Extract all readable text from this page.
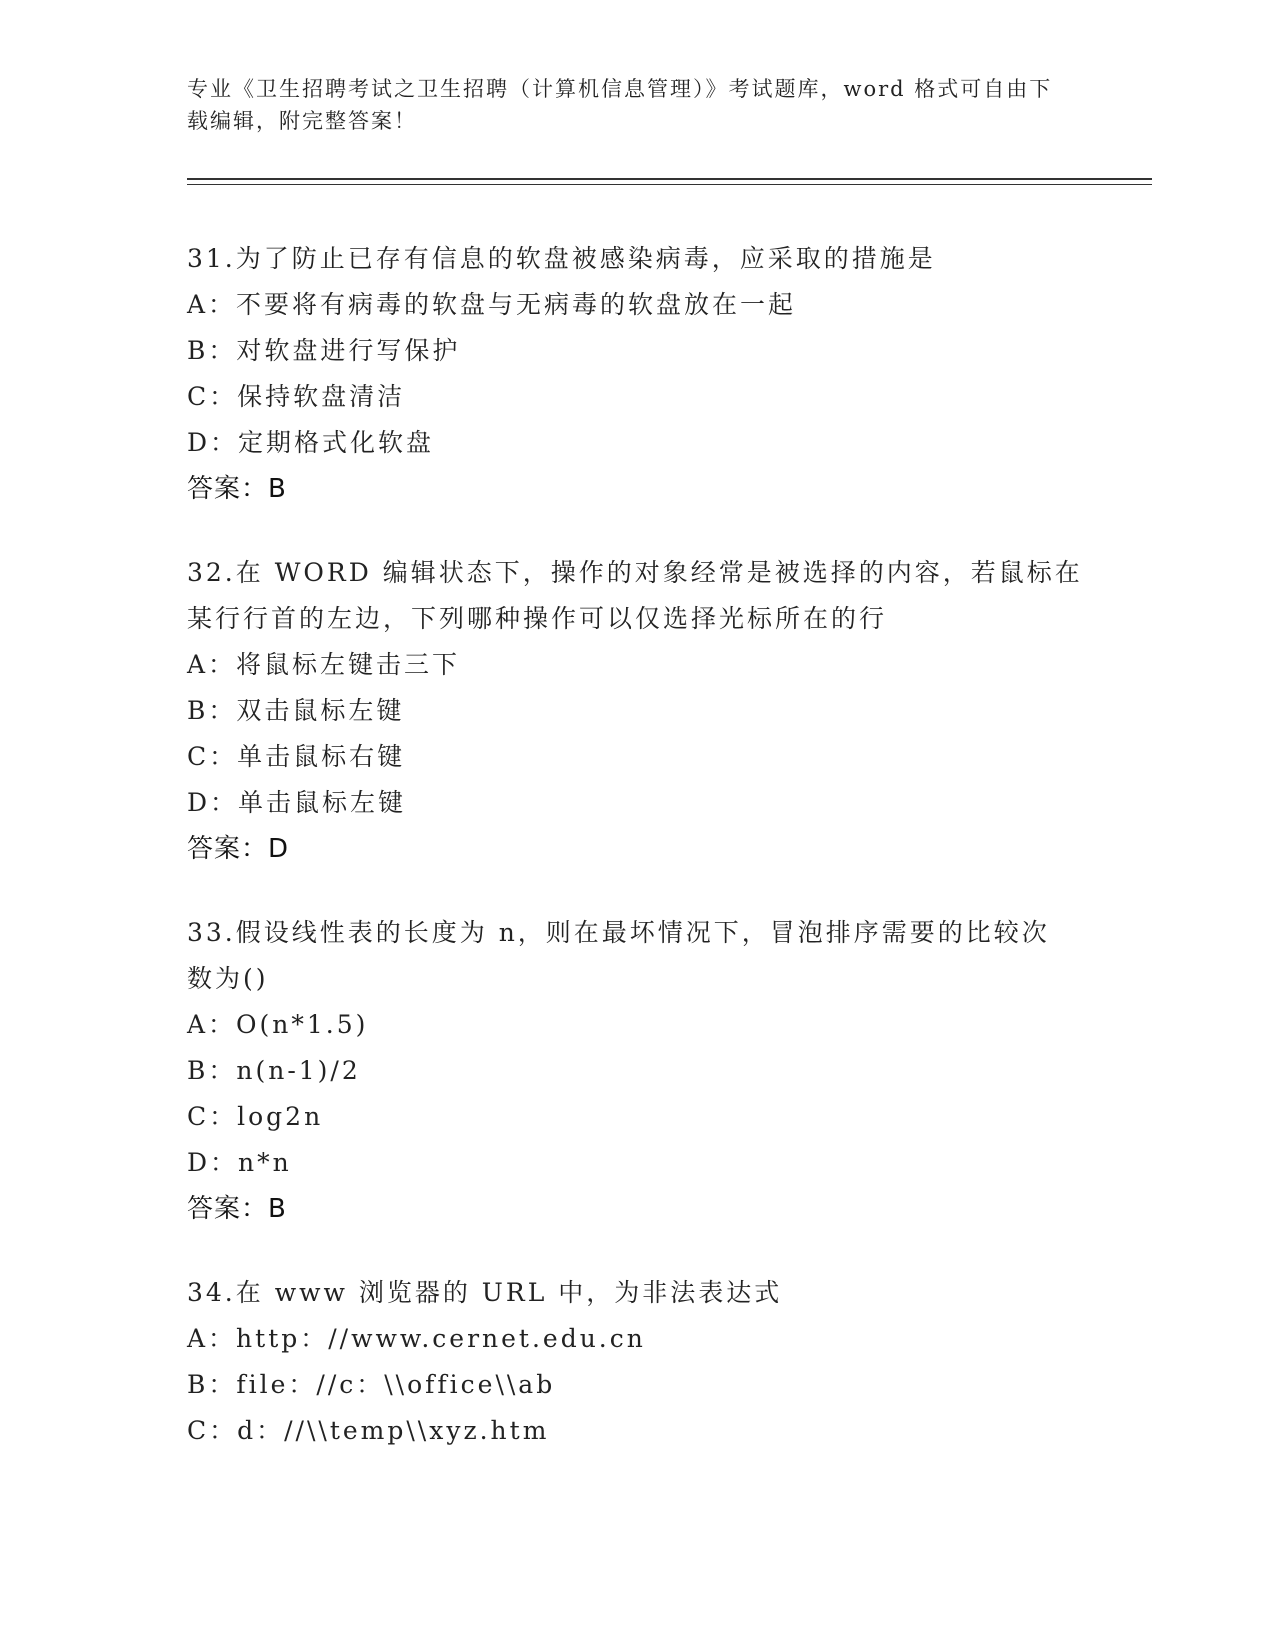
专业《卫生招聘考试之卫生招聘（计算机信息管理）》考试题库，word 格式可自由下载编辑，附完整答案！
31.为了防止已存有信息的软盘被感染病毒，应采取的措施是
A：不要将有病毒的软盘与无病毒的软盘放在一起
B：对软盘进行写保护
C：保持软盘清洁
D：定期格式化软盘
答案：B
32.在 WORD 编辑状态下，操作的对象经常是被选择的内容，若鼠标在
某行行首的左边，下列哪种操作可以仅选择光标所在的行
A：将鼠标左键击三下
B：双击鼠标左键
C：单击鼠标右键
D：单击鼠标左键
答案：D
33.假设线性表的长度为 n，则在最坏情况下，冒泡排序需要的比较次
数为()
A：O(n*1.5)
B：n(n-1)/2
C：log2n
D：n*n
答案：B
34.在 www 浏览器的 URL 中，为非法表达式
A：http：//www.cernet.edu.cn
B：file：//c：\\office\\ab
C：d：//\\temp\\xyz.htm
